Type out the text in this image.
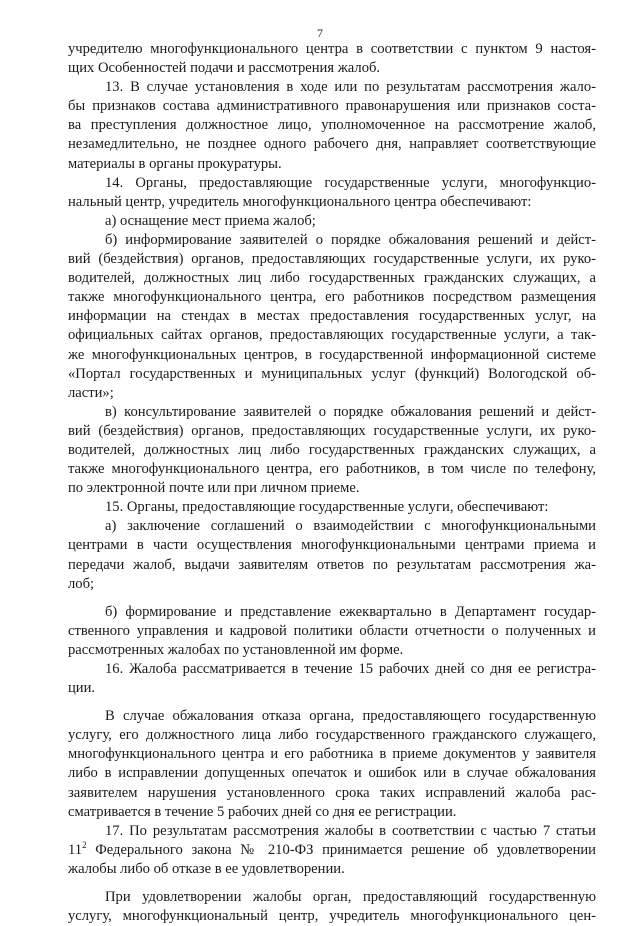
7
учредителю многофункционального центра в соответствии с пунктом 9 настоя-
щих Особенностей подачи и рассмотрения жалоб.
13. В случае установления в ходе или по результатам рассмотрения жало-
бы признаков состава административного правонарушения или признаков соста-
ва преступления должностное лицо, уполномоченное на рассмотрение жалоб,
незамедлительно, не позднее одного рабочего дня, направляет соответствующие
материалы в органы прокуратуры.
14. Органы, предоставляющие государственные услуги, многофункцио-
нальный центр, учредитель многофункционального центра обеспечивают:
а) оснащение мест приема жалоб;
б) информирование заявителей о порядке обжалования решений и дейст-
вий (бездействия) органов, предоставляющих государственные услуги, их руко-
водителей, должностных лиц либо государственных гражданских служащих, а
также многофункционального центра, его работников посредством размещения
информации на стендах в местах предоставления государственных услуг, на
официальных сайтах органов, предоставляющих государственные услуги, а так-
же многофункциональных центров, в государственной информационной системе
«Портал государственных и муниципальных услуг (функций) Вологодской об-
ласти»;
в) консультирование заявителей о порядке обжалования решений и дейст-
вий (бездействия) органов, предоставляющих государственные услуги, их руко-
водителей, должностных лиц либо государственных гражданских служащих, а
также многофункционального центра, его работников, в том числе по телефону,
по электронной почте или при личном приеме.
15. Органы, предоставляющие государственные услуги, обеспечивают:
а) заключение соглашений о взаимодействии с многофункциональными
центрами в части осуществления многофункциональными центрами приема и
передачи жалоб, выдачи заявителям ответов по результатам рассмотрения жа-
лоб;
б) формирование и представление ежеквартально в Департамент государ-
ственного управления и кадровой политики области отчетности о полученных и
рассмотренных жалобах по установленной им форме.
16. Жалоба рассматривается в течение 15 рабочих дней со дня ее регистра-
ции.
В случае обжалования отказа органа, предоставляющего государственную
услугу, его должностного лица либо государственного гражданского служащего,
многофункционального центра и его работника в приеме документов у заявителя
либо в исправлении допущенных опечаток и ошибок или в случае обжалования
заявителем нарушения установленного срока таких исправлений жалоба рас-
сматривается в течение 5 рабочих дней со дня ее регистрации.
17. По результатам рассмотрения жалобы в соответствии с частью 7 статьи
$11^2$ Федерального закона № 210-ФЗ принимается решение об удовлетворении
жалобы либо об отказе в ее удовлетворении.
При удовлетворении жалобы орган, предоставляющий государственную
услугу, многофункциональный центр, учредитель многофункционального цен-
